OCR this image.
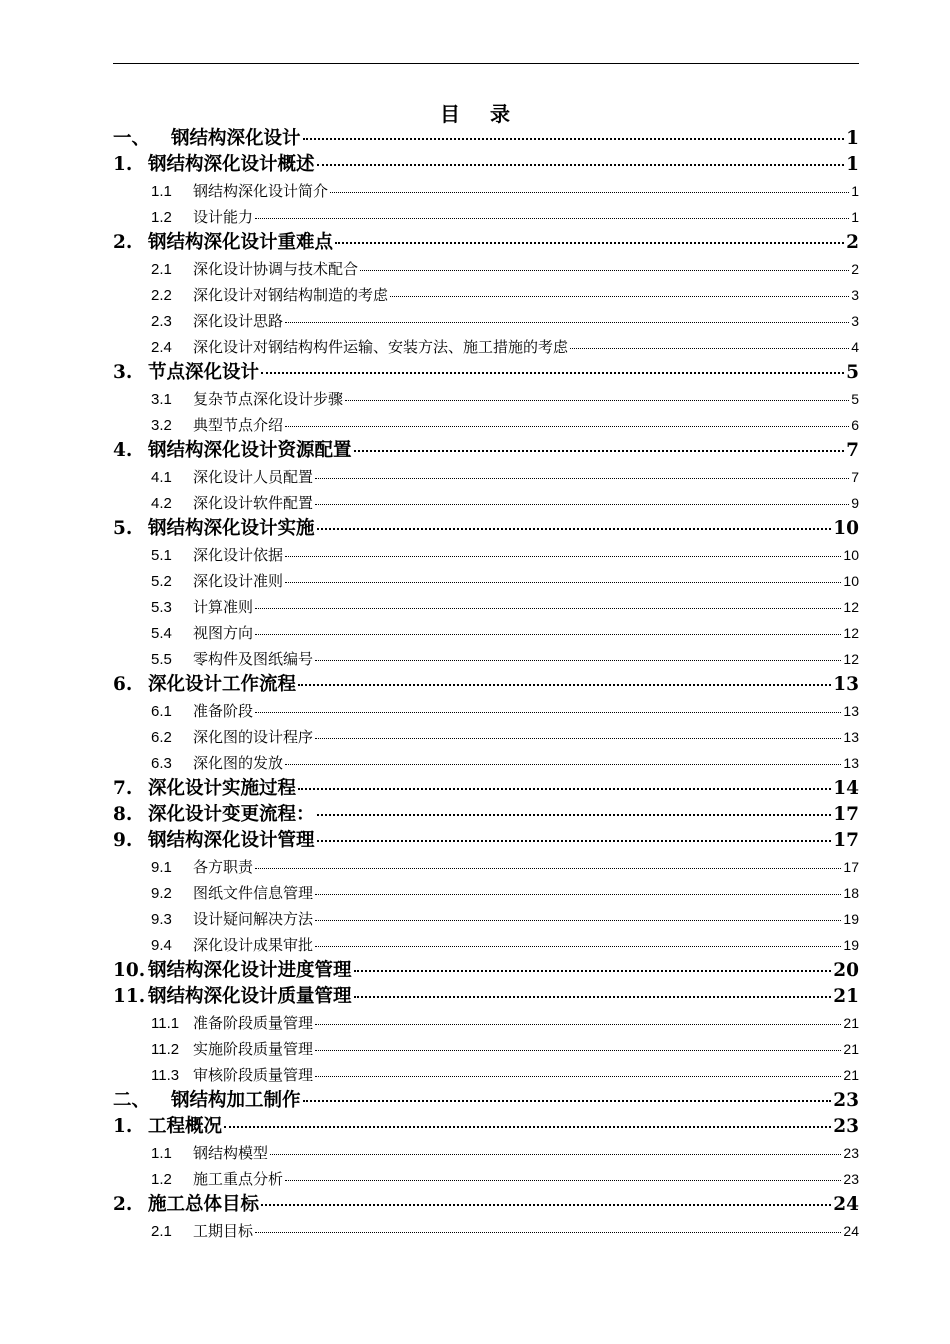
目 录
一、	钢结构深化设计	1
1. 钢结构深化设计概述	1
1.1	钢结构深化设计简介	1
1.2	设计能力	1
2. 钢结构深化设计重难点	2
2.1	深化设计协调与技术配合	2
2.2	深化设计对钢结构制造的考虑	3
2.3	深化设计思路	3
2.4	深化设计对钢结构构件运输、安装方法、施工措施的考虑	4
3. 节点深化设计	5
3.1	复杂节点深化设计步骤	5
3.2	典型节点介绍	6
4. 钢结构深化设计资源配置	7
4.1	深化设计人员配置	7
4.2	深化设计软件配置	9
5. 钢结构深化设计实施	10
5.1	深化设计依据	10
5.2	深化设计准则	10
5.3	计算准则	12
5.4	视图方向	12
5.5	零构件及图纸编号	12
6. 深化设计工作流程	13
6.1	准备阶段	13
6.2	深化图的设计程序	13
6.3	深化图的发放	13
7. 深化设计实施过程	14
8. 深化设计变更流程：	17
9. 钢结构深化设计管理	17
9.1	各方职责	17
9.2	图纸文件信息管理	18
9.3	设计疑问解决方法	19
9.4	深化设计成果审批	19
10. 钢结构深化设计进度管理	20
11. 钢结构深化设计质量管理	21
11.1 准备阶段质量管理	21
11.2 实施阶段质量管理	21
11.3 审核阶段质量管理	21
二、	钢结构加工制作	23
1. 工程概况	23
1.1	钢结构模型	23
1.2	施工重点分析	23
2. 施工总体目标	24
2.1	工期目标	24
